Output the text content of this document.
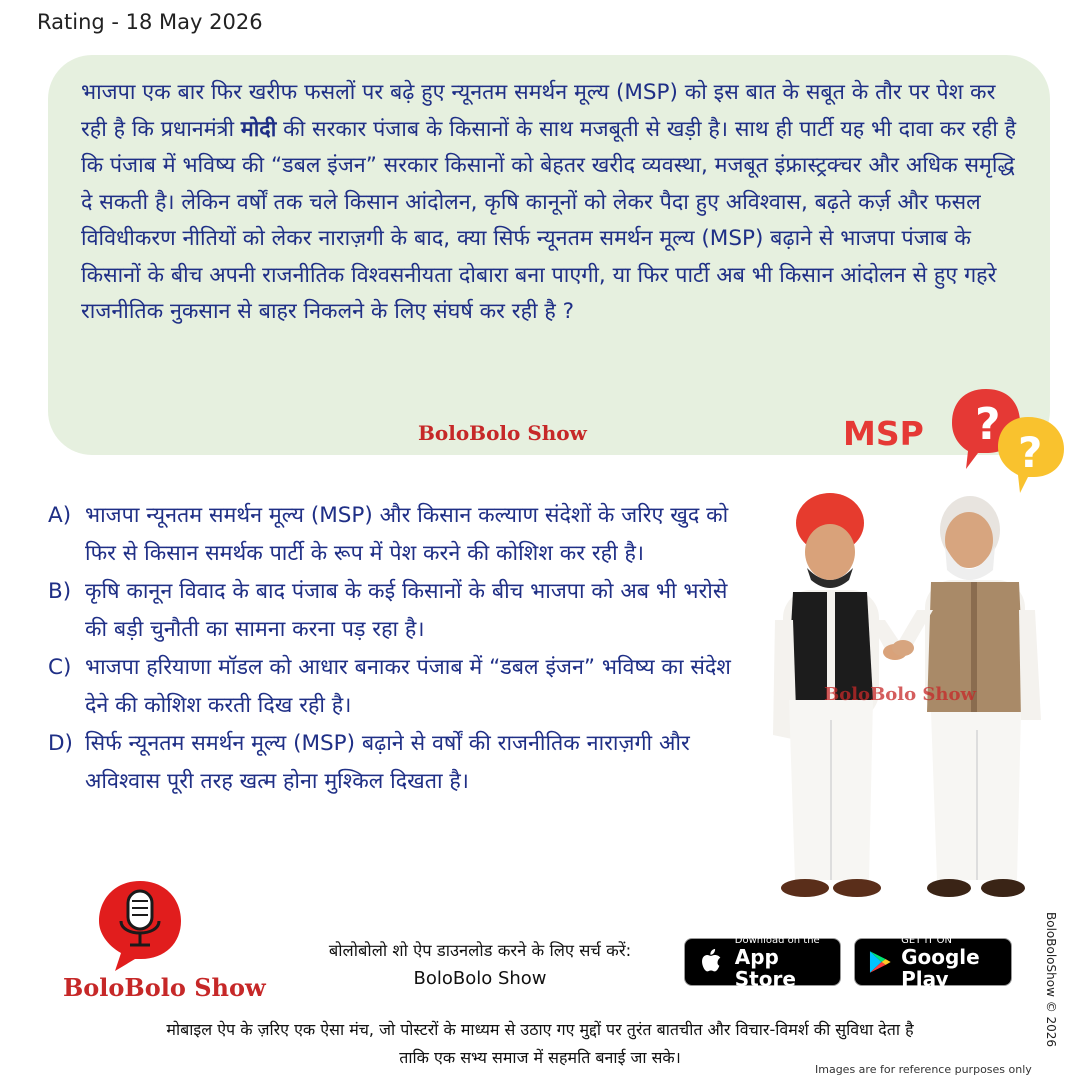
Rating - 18 May 2026

भाजपा एक बार फिर खरीफ फसलों पर बढ़े हुए न्यूनतम समर्थन मूल्य (MSP) को इस बात के सबूत के तौर पर पेश कर रही है कि प्रधानमंत्री मोदी की सरकार पंजाब के किसानों के साथ मजबूती से खड़ी है। साथ ही पार्टी यह भी दावा कर रही है कि पंजाब में भविष्य की “डबल इंजन” सरकार किसानों को बेहतर खरीद व्यवस्था, मजबूत इंफ्रास्ट्रक्चर और अधिक समृद्धि दे सकती है। लेकिन वर्षों तक चले किसान आंदोलन, कृषि कानूनों को लेकर पैदा हुए अविश्वास, बढ़ते कर्ज़ और फसल विविधीकरण नीतियों को लेकर नाराज़गी के बाद, क्या सिर्फ न्यूनतम समर्थन मूल्य (MSP) बढ़ाने से भाजपा पंजाब के किसानों के बीच अपनी राजनीतिक विश्वसनीयता दोबारा बना पाएगी, या फिर पार्टी अब भी किसान आंदोलन से हुए गहरे राजनीतिक नुकसान से बाहर निकलने के लिए संघर्ष कर रही है ?

BoloBolo Show	MSP ?
?
A) भाजपा न्यूनतम समर्थन मूल्य (MSP) और किसान कल्याण संदेशों के जरिए खुद को फिर से किसान समर्थक पार्टी के रूप में पेश करने की कोशिश कर रही है।
B) कृषि कानून विवाद के बाद पंजाब के कई किसानों के बीच भाजपा को अब भी भरोसे की बड़ी चुनौती का सामना करना पड़ रहा है।
C) भाजपा हरियाणा मॉडल को आधार बनाकर पंजाब में “डबल इंजन” भविष्य का संदेश देने की कोशिश करती दिख रही है।
D) सिर्फ न्यूनतम समर्थन मूल्य (MSP) बढ़ाने से वर्षों की राजनीतिक नाराज़गी और अविश्वास पूरी तरह खत्म होना मुश्किल दिखता है।
BoloBolo Show
BoloBolo Show
बोलोबोलो शो ऐप डाउनलोड करने के लिए सर्च करें:
BoloBolo Show
Download on the
App Store
GET IT ON
Google Play
मोबाइल ऐप के ज़रिए एक ऐसा मंच, जो पोस्टरों के माध्यम से उठाए गए मुद्दों पर तुरंत बातचीत और विचार-विमर्श की सुविधा देता है
ताकि एक सभ्य समाज में सहमति बनाई जा सके।
BoloBoloShow © 2026
Images are for reference purposes only
